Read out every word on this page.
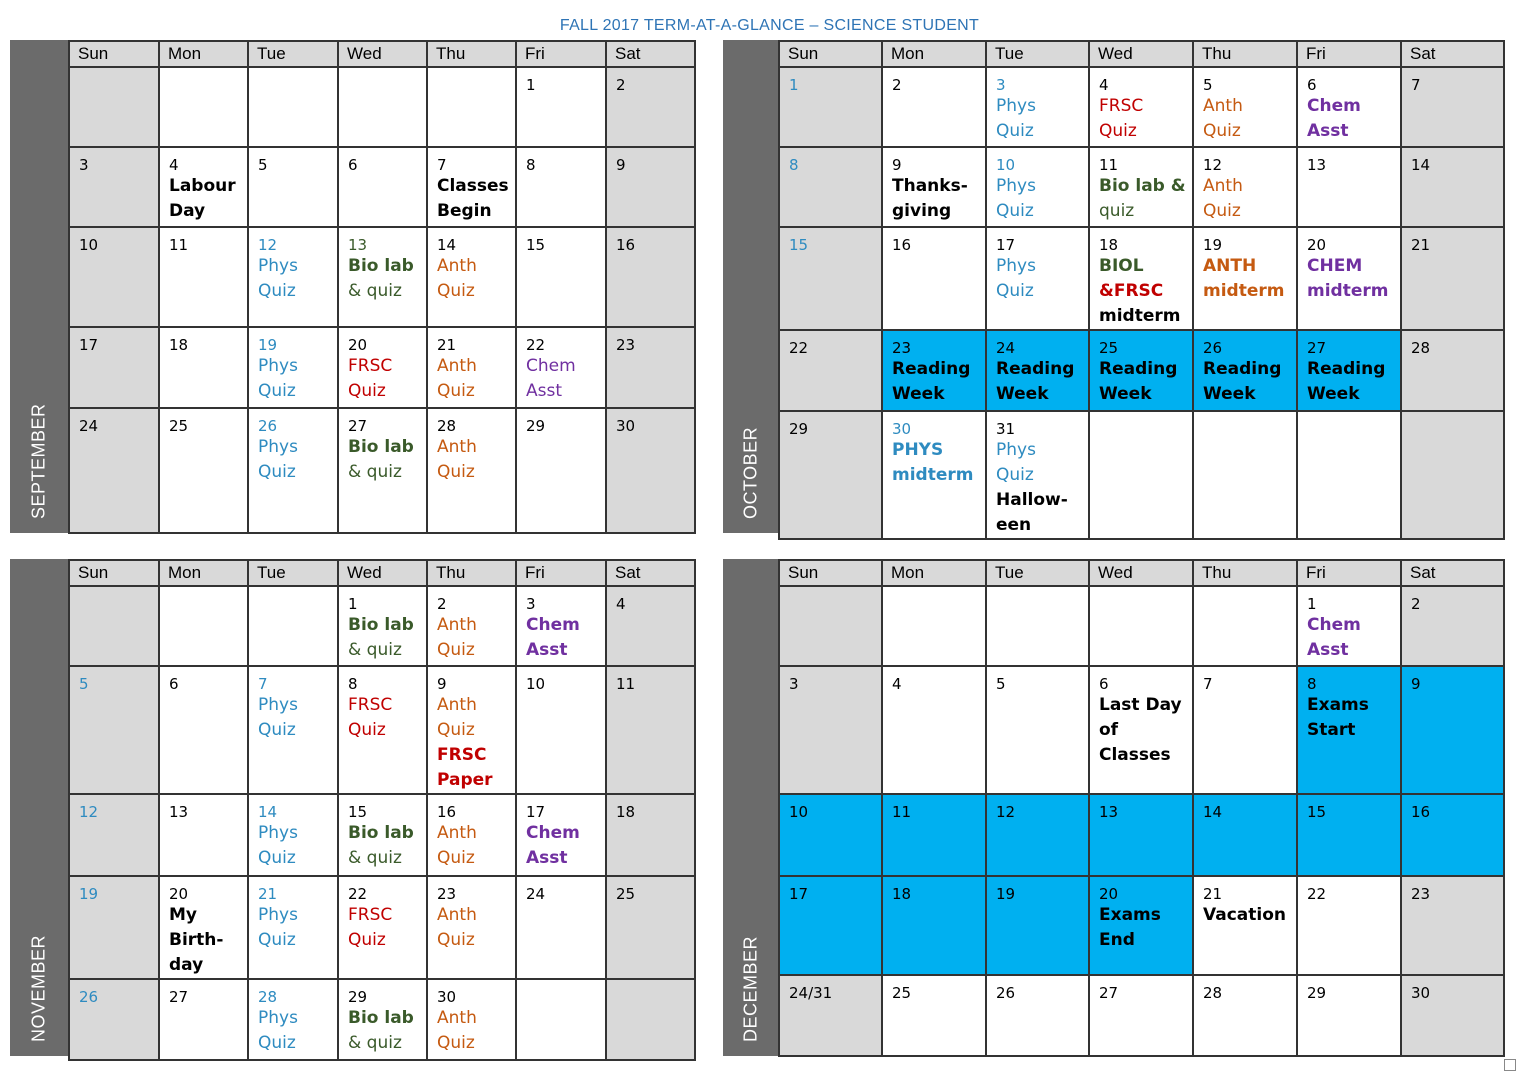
FALL 2017 TERM-AT-A-GLANCE – SCIENCE STUDENT
SEPTEMBER
Sun	Mon	Tue	Wed	Thu	Fri	Sat

					1	2

3	4
Labour
Day	5	6	7
Classes
Begin	8	9

10	11	12
Phys
Quiz	13
Bio lab
& quiz	14
Anth
Quiz	15	16

17	18	19
Phys
Quiz	20
FRSC
Quiz	21
Anth
Quiz	22
Chem
Asst	23

24	25	26
Phys
Quiz	27
Bio lab
& quiz	28
Anth
Quiz	29	30
OCTOBER
Sun	Mon	Tue	Wed	Thu	Fri	Sat

1	2	3
Phys
Quiz	4
FRSC
Quiz	5
Anth
Quiz	6
Chem
Asst	7

8	9
Thanks-
giving	10
Phys
Quiz	11
Bio lab &
quiz	12
Anth
Quiz	13	14

15	16	17
Phys
Quiz	18
BIOL
&FRSC
midterm	19
ANTH
midterm	20
CHEM
midterm	21

22	23
Reading
Week	24
Reading
Week	25
Reading
Week	26
Reading
Week	27
Reading
Week	28

29	30
PHYS
midterm	31
Phys
Quiz
Hallow-
een				

NOVEMBER
Sun	Mon	Tue	Wed	Thu	Fri	Sat

			1
Bio lab
& quiz	2
Anth
Quiz	3
Chem
Asst	4

5	6	7
Phys
Quiz	8
FRSC
Quiz	9
Anth
Quiz
FRSC
Paper	10	11

12	13	14
Phys
Quiz	15
Bio lab
& quiz	16
Anth
Quiz	17
Chem
Asst	18

19	20
My
Birth-
day	21
Phys
Quiz	22
FRSC
Quiz	23
Anth
Quiz	24	25

26	27	28
Phys
Quiz	29
Bio lab
& quiz	30
Anth
Quiz		

DECEMBER
Sun	Mon	Tue	Wed	Thu	Fri	Sat

					1
Chem
Asst	2

3	4	5	6
Last Day
of
Classes	7	8
Exams
Start	9

10	11	12	13	14	15	16

17	18	19	20
Exams
End	21
Vacation	22	23

24/31	25	26	27	28	29	30
